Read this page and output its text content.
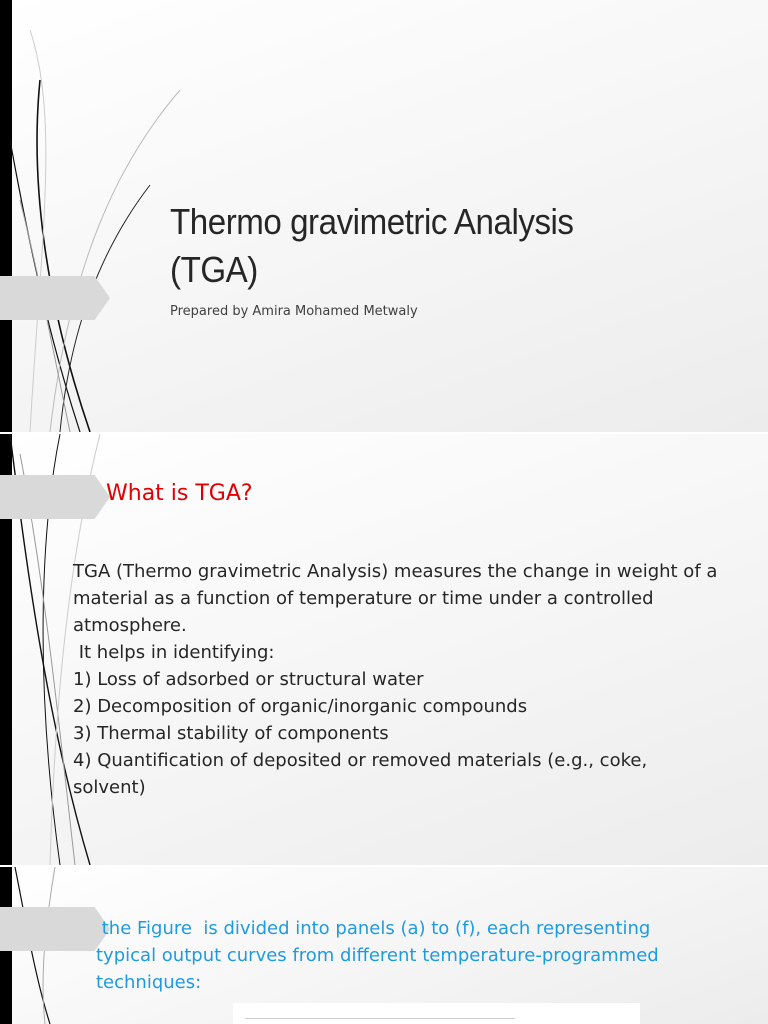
Thermo gravimetric Analysis
(TGA)
Prepared by Amira Mohamed Metwaly
What is TGA?
TGA (Thermo gravimetric Analysis) measures the change in weight of a
material as a function of temperature or time under a controlled
atmosphere.
It helps in identifying:
1) Loss of adsorbed or structural water
2) Decomposition of organic/inorganic compounds
3) Thermal stability of components
4) Quantification of deposited or removed materials (e.g., coke,
solvent)
the Figure  is divided into panels (a) to (f), each representing
typical output curves from different temperature-programmed
techniques:
